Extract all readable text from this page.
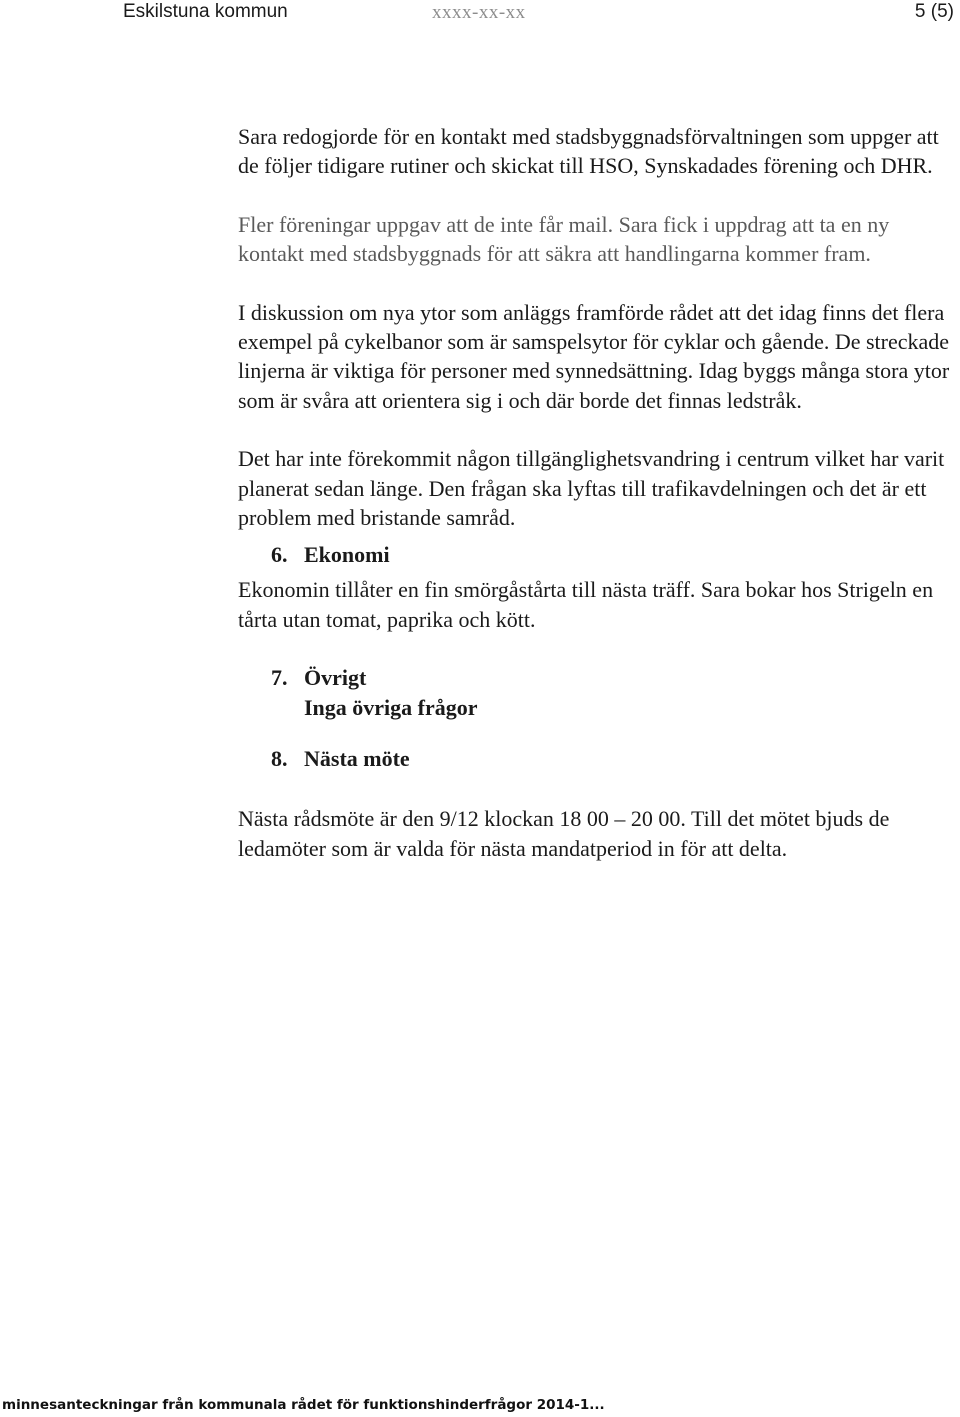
Eskilstuna kommun	xxxx-xx-xx	5 (5)

Sara redogjorde för en kontakt med stadsbyggnadsförvaltningen som uppger att de följer tidigare rutiner och skickat till HSO, Synskadades förening och DHR.

Fler föreningar uppgav att de inte får mail. Sara fick i uppdrag att ta en ny kontakt med stadsbyggnads för att säkra att handlingarna kommer fram.

I diskussion om nya ytor som anläggs framförde rådet att det idag finns det flera exempel på cykelbanor som är samspelsytor för cyklar och gående. De streckade linjerna är viktiga för personer med synnedsättning. Idag byggs många stora ytor som är svåra att orientera sig i och där borde det finnas ledstråk.

Det har inte förekommit någon tillgänglighetsvandring i centrum vilket har varit planerat sedan länge. Den frågan ska lyftas till trafikavdelningen och det är ett problem med bristande samråd.

6. Ekonomi

Ekonomin tillåter en fin smörgåstårta till nästa träff. Sara bokar hos Strigeln en tårta utan tomat, paprika och kött.

7. Övrigt
Inga övriga frågor
8. Nästa möte

Nästa rådsmöte är den 9/12 klockan 18 00 – 20 00. Till det mötet bjuds de ledamöter som är valda för nästa mandatperiod in för att delta.

minnesanteckningar från kommunala rådet för funktionshinderfrågor 2014-1...
